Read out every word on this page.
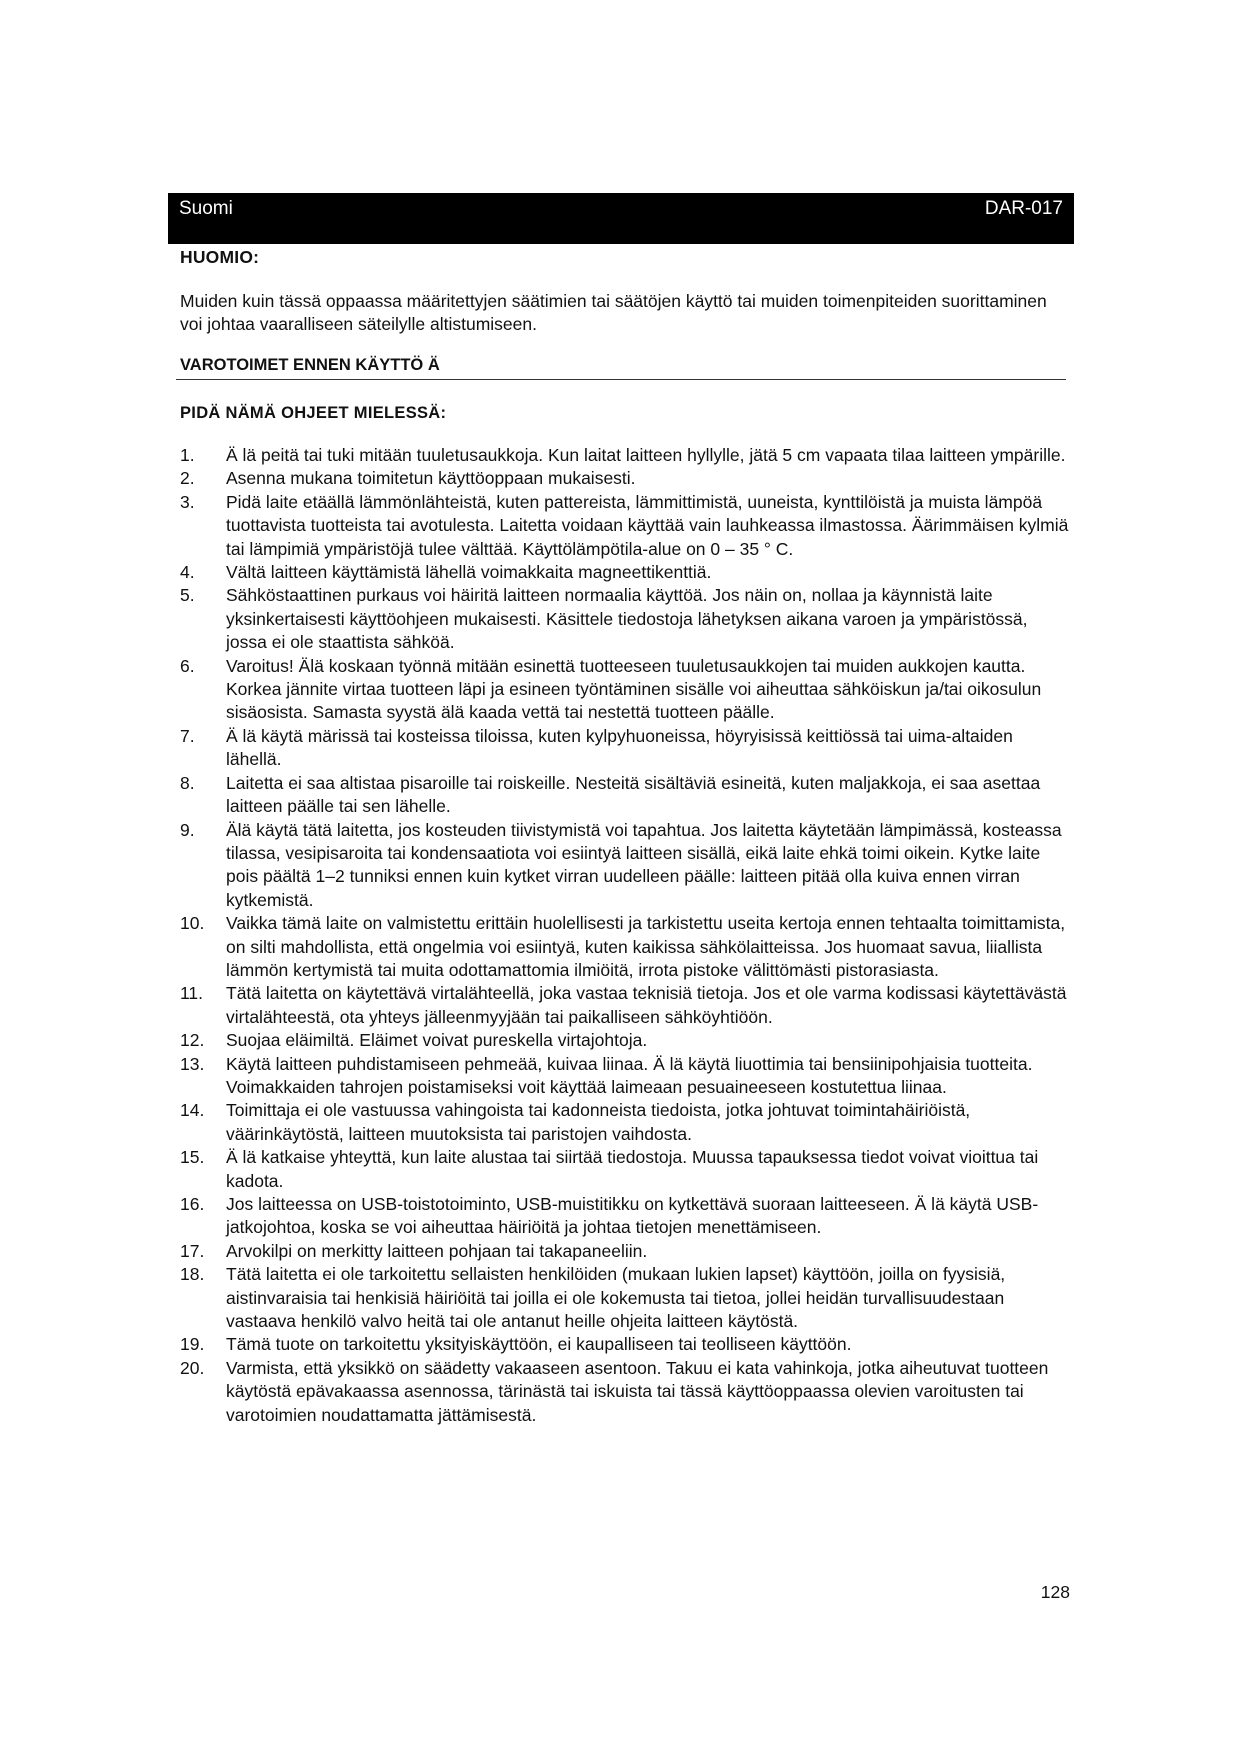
Suomi	DAR-017
HUOMIO:
Muiden kuin tässä oppaassa määritettyjen säätimien tai säätöjen käyttö tai muiden toimenpiteiden suorittaminen voi johtaa vaaralliseen säteilylle altistumiseen.
VAROTOIMET ENNEN KÄYTTÖ Ä
PIDÄ NÄMÄ OHJEET MIELESSÄ:
1. Ä lä peitä tai tuki mitään tuuletusaukkoja. Kun laitat laitteen hyllylle, jätä 5 cm vapaata tilaa laitteen ympärille.
2. Asenna mukana toimitetun käyttöoppaan mukaisesti.
3. Pidä laite etäällä lämmönlähteistä, kuten pattereista, lämmittimistä, uuneista, kynttilöistä ja muista lämpöä tuottavista tuotteista tai avotulesta. Laitetta voidaan käyttää vain lauhkeassa ilmastossa. Äärimmäisen kylmiä tai lämpimiä ympäristöjä tulee välttää. Käyttölämpötila-alue on 0 – 35 ° C.
4. Vältä laitteen käyttämistä lähellä voimakkaita magneettikenttiä.
5. Sähköstaattinen purkaus voi häiritä laitteen normaalia käyttöä. Jos näin on, nollaa ja käynnistä laite yksinkertaisesti käyttöohjeen mukaisesti. Käsittele tiedostoja lähetyksen aikana varoen ja ympäristössä, jossa ei ole staattista sähköä.
6. Varoitus! Älä koskaan työnnä mitään esinettä tuotteeseen tuuletusaukkojen tai muiden aukkojen kautta. Korkea jännite virtaa tuotteen läpi ja esineen työntäminen sisälle voi aiheuttaa sähköiskun ja/tai oikosulun sisäosista. Samasta syystä älä kaada vettä tai nestettä tuotteen päälle.
7. Ä lä käytä märissä tai kosteissa tiloissa, kuten kylpyhuoneissa, höyryisissä keittiössä tai uima-altaiden lähellä.
8. Laitetta ei saa altistaa pisaroille tai roiskeille. Nesteitä sisältäviä esineitä, kuten maljakkoja, ei saa asettaa laitteen päälle tai sen lähelle.
9. Älä käytä tätä laitetta, jos kosteuden tiivistymistä voi tapahtua. Jos laitetta käytetään lämpimässä, kosteassa tilassa, vesipisaroita tai kondensaatiota voi esiintyä laitteen sisällä, eikä laite ehkä toimi oikein. Kytke laite pois päältä 1–2 tunniksi ennen kuin kytket virran uudelleen päälle: laitteen pitää olla kuiva ennen virran kytkemistä.
10. Vaikka tämä laite on valmistettu erittäin huolellisesti ja tarkistettu useita kertoja ennen tehtaalta toimittamista, on silti mahdollista, että ongelmia voi esiintyä, kuten kaikissa sähkölaitteissa. Jos huomaat savua, liiallista lämmön kertymistä tai muita odottamattomia ilmiöitä, irrota pistoke välittömästi pistorasiasta.
11. Tätä laitetta on käytettävä virtalähteellä, joka vastaa teknisiä tietoja. Jos et ole varma kodissasi käytettävästä virtalähteestä, ota yhteys jälleenmyyjään tai paikalliseen sähköyhtiöön.
12. Suojaa eläimiltä. Eläimet voivat pureskella virtajohtoja.
13. Käytä laitteen puhdistamiseen pehmeää, kuivaa liinaa. Ä lä käytä liuottimia tai bensiinipohjaisia tuotteita.
Voimakkaiden tahrojen poistamiseksi voit käyttää laimeaan pesuaineeseen kostutettua liinaa.
14. Toimittaja ei ole vastuussa vahingoista tai kadonneista tiedoista, jotka johtuvat toimintahäiriöistä, väärinkäytöstä, laitteen muutoksista tai paristojen vaihdosta.
15. Ä lä katkaise yhteyttä, kun laite alustaa tai siirtää tiedostoja. Muussa tapauksessa tiedot voivat vioittua tai kadota.
16. Jos laitteessa on USB-toistotoiminto, USB-muistitikku on kytkettävä suoraan laitteeseen. Ä lä käytä USB-jatkojohtoa, koska se voi aiheuttaa häiriöitä ja johtaa tietojen menettämiseen.
17. Arvokilpi on merkitty laitteen pohjaan tai takapaneeliin.
18. Tätä laitetta ei ole tarkoitettu sellaisten henkilöiden (mukaan lukien lapset) käyttöön, joilla on fyysisiä, aistinvaraisia tai henkisiä häiriöitä tai joilla ei ole kokemusta tai tietoa, jollei heidän turvallisuudestaan vastaava henkilö valvo heitä tai ole antanut heille ohjeita laitteen käytöstä.
19. Tämä tuote on tarkoitettu yksityiskäyttöön, ei kaupalliseen tai teolliseen käyttöön.
20. Varmista, että yksikkö on säädetty vakaaseen asentoon. Takuu ei kata vahinkoja, jotka aiheutuvat tuotteen käytöstä epävakaassa asennossa, tärinästä tai iskuista tai tässä käyttöoppaassa olevien varoitusten tai varotoimien noudattamatta jättämisestä.
128
